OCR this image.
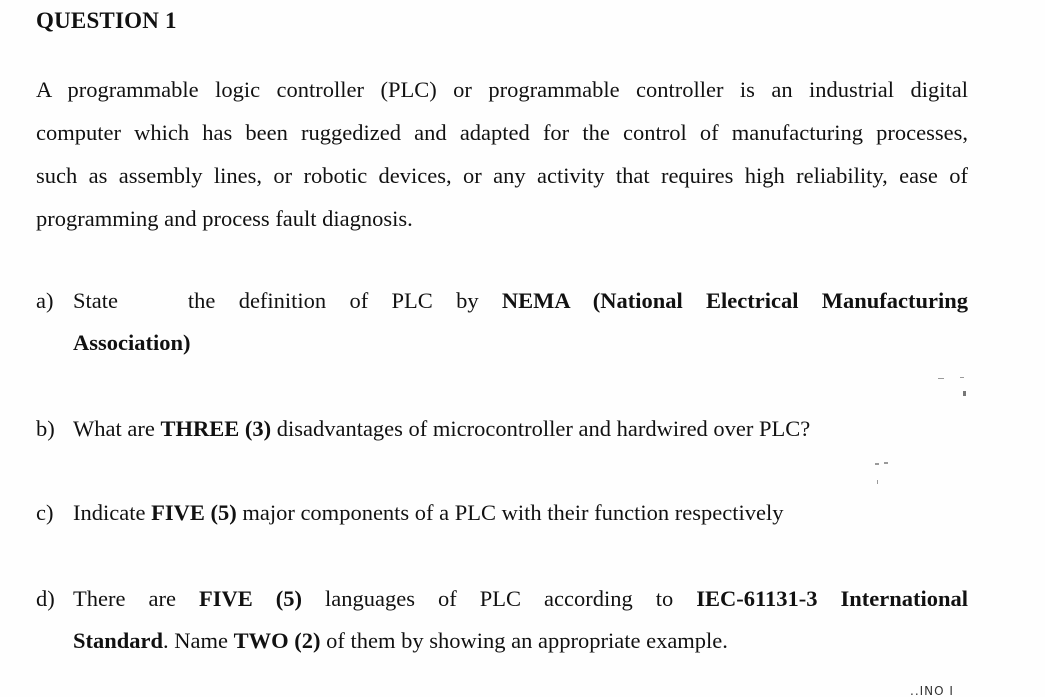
QUESTION 1
A programmable logic controller (PLC) or programmable controller is an industrial digital
computer which has been ruggedized and adapted for the control of manufacturing processes,
such as assembly lines, or robotic devices, or any activity that requires high reliability, ease of
programming and process fault diagnosis.
a) State	the definition of PLC by NEMA (National Electrical Manufacturing
Association)
b) What are THREE (3) disadvantages of microcontroller and hardwired over PLC?
c) Indicate FIVE (5) major components of a PLC with their function respectively
d) There are FIVE (5) languages of PLC according to IEC-61131-3 International
Standard. Name TWO (2) of them by showing an appropriate example.
..INO I
